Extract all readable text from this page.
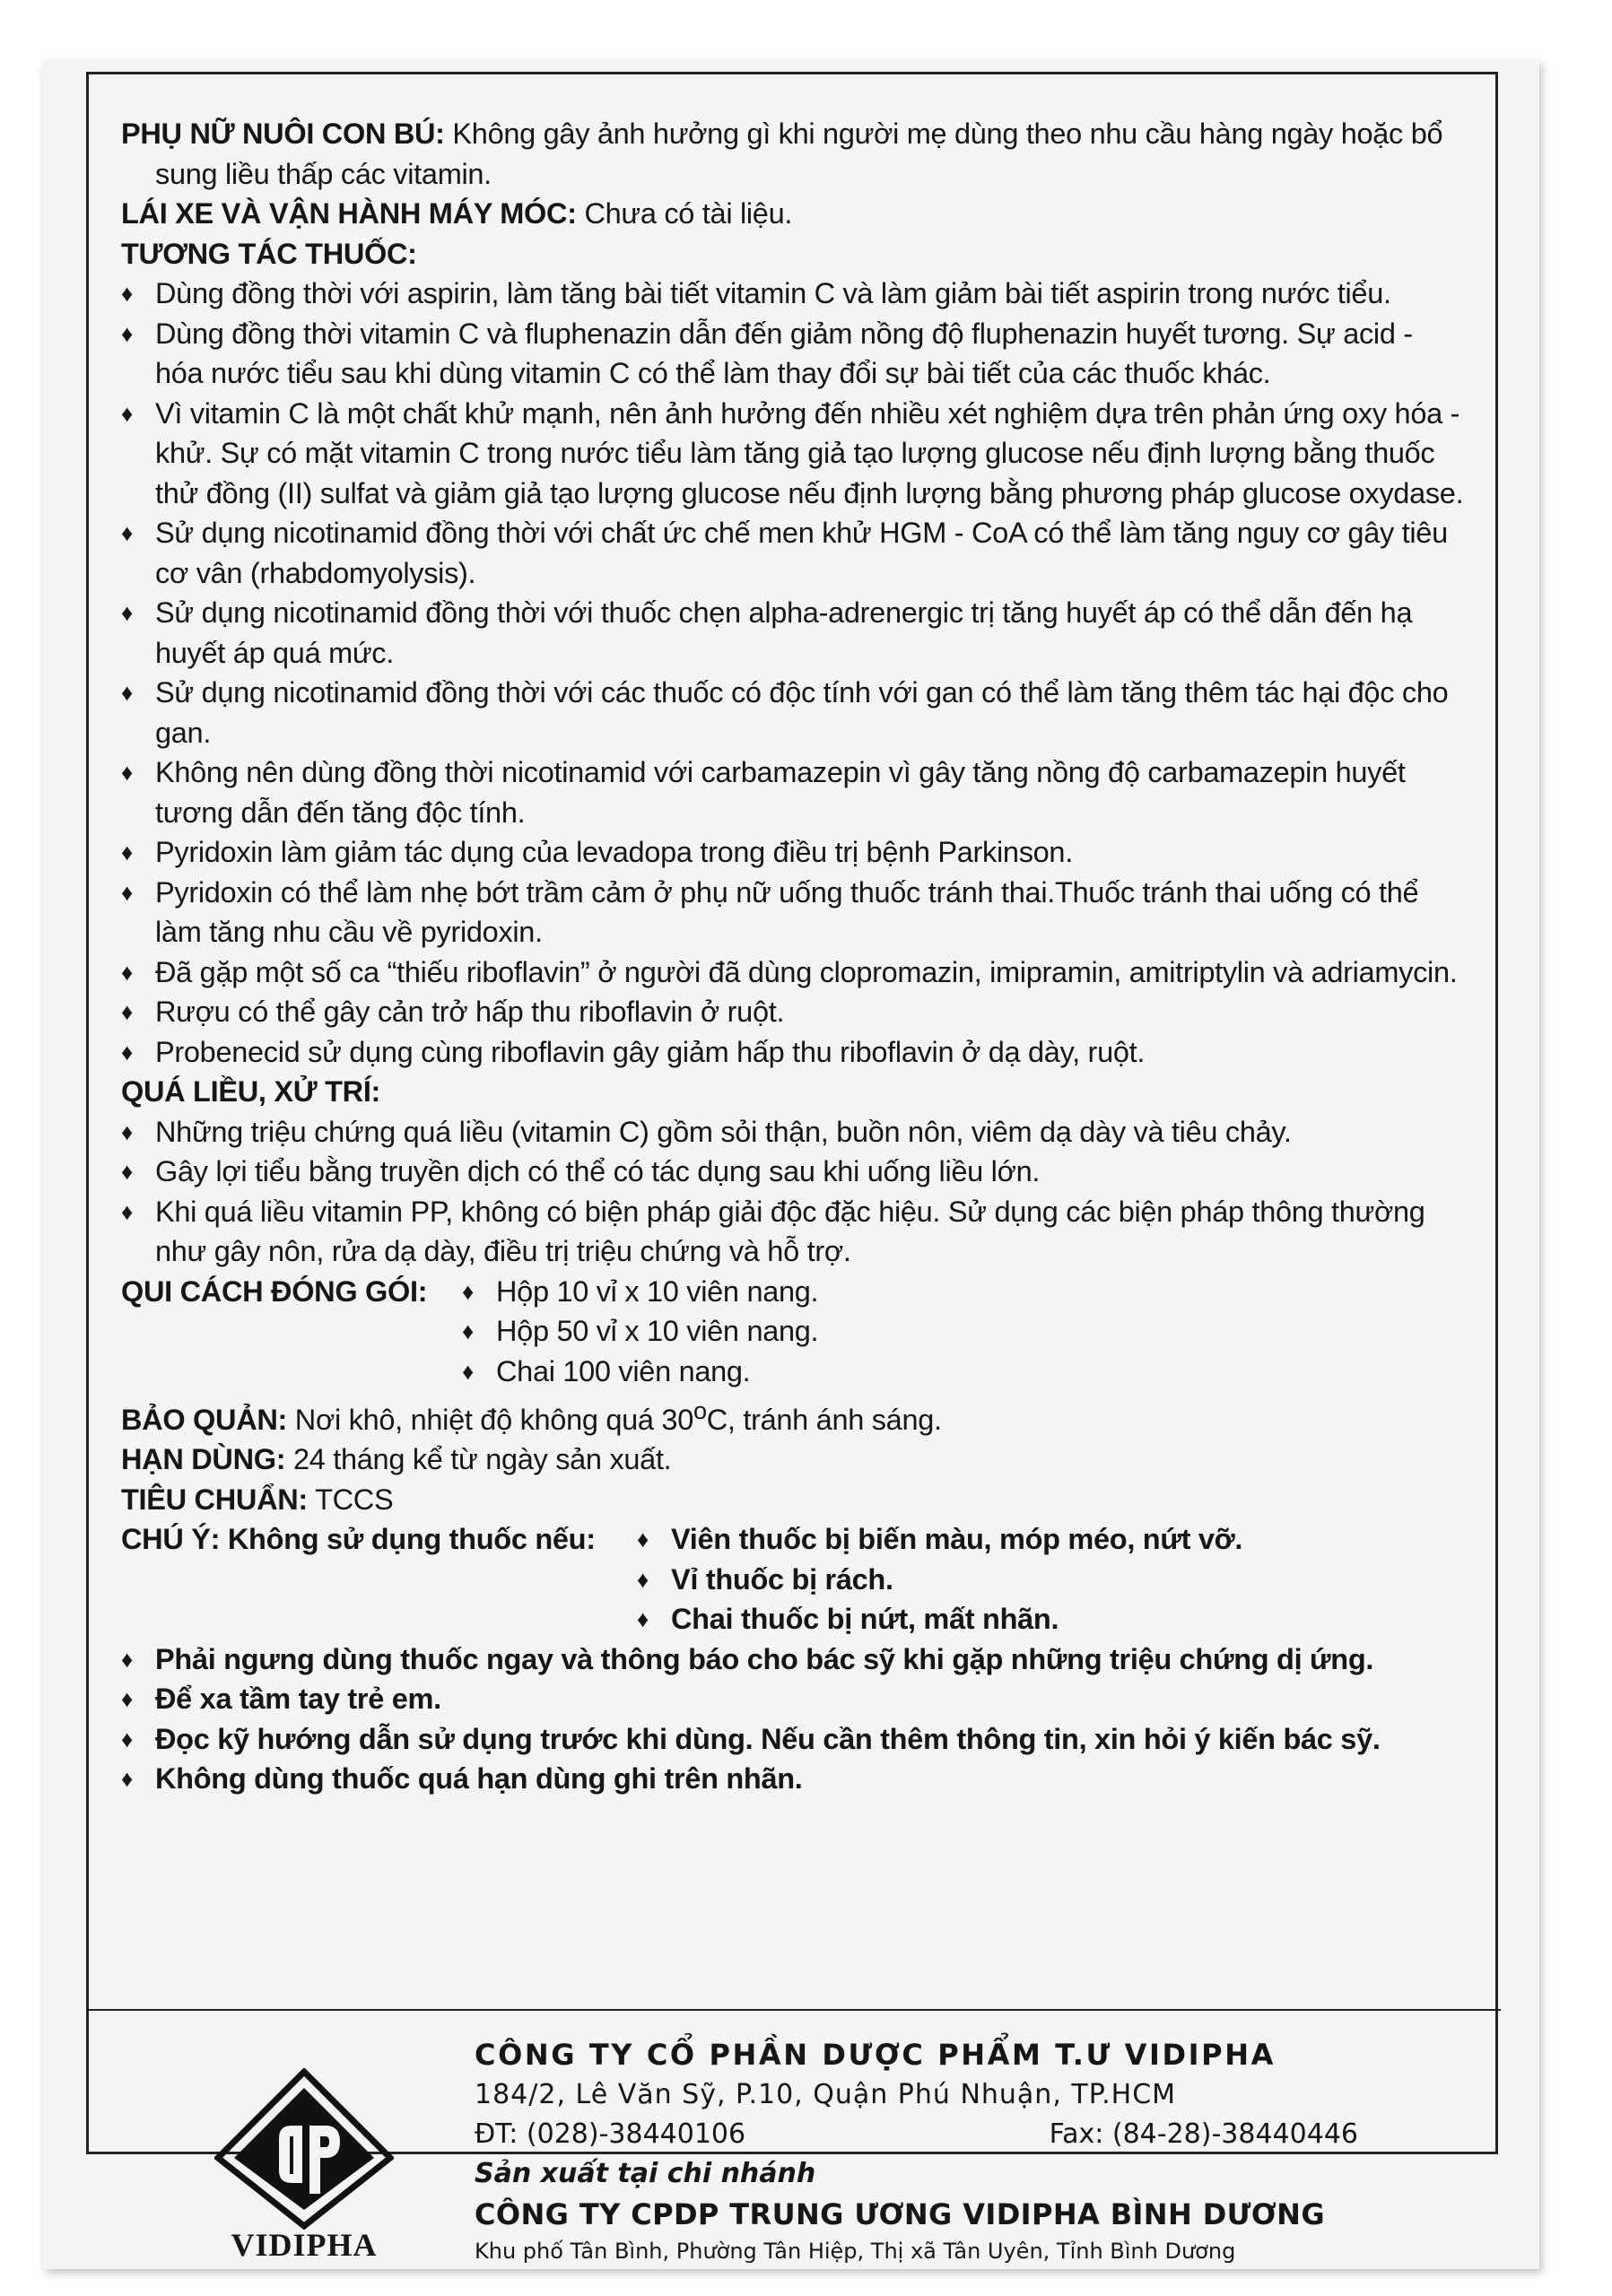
PHỤ NỮ NUÔI CON BÚ: Không gây ảnh hưởng gì khi người mẹ dùng theo nhu cầu hàng ngày hoặc bổ sung liều thấp các vitamin.

LÁI XE VÀ VẬN HÀNH MÁY MÓC: Chưa có tài liệu.

TƯƠNG TÁC THUỐC:

♦ Dùng đồng thời với aspirin, làm tăng bài tiết vitamin C và làm giảm bài tiết aspirin trong nước tiểu.
♦ Dùng đồng thời vitamin C và fluphenazin dẫn đến giảm nồng độ fluphenazin huyết tương. Sự acid - hóa nước tiểu sau khi dùng vitamin C có thể làm thay đổi sự bài tiết của các thuốc khác.
♦ Vì vitamin C là một chất khử mạnh, nên ảnh hưởng đến nhiều xét nghiệm dựa trên phản ứng oxy hóa - khử. Sự có mặt vitamin C trong nước tiểu làm tăng giả tạo lượng glucose nếu định lượng bằng thuốc thử đồng (II) sulfat và giảm giả tạo lượng glucose nếu định lượng bằng phương pháp glucose oxydase.
♦ Sử dụng nicotinamid đồng thời với chất ức chế men khử HGM - CoA có thể làm tăng nguy cơ gây tiêu cơ vân (rhabdomyolysis).
♦ Sử dụng nicotinamid đồng thời với thuốc chẹn alpha-adrenergic trị tăng huyết áp có thể dẫn đến hạ huyết áp quá mức.
♦ Sử dụng nicotinamid đồng thời với các thuốc có độc tính với gan có thể làm tăng thêm tác hại độc cho gan.
♦ Không nên dùng đồng thời nicotinamid với carbamazepin vì gây tăng nồng độ carbamazepin huyết tương dẫn đến tăng độc tính.
♦ Pyridoxin làm giảm tác dụng của levadopa trong điều trị bệnh Parkinson.
♦ Pyridoxin có thể làm nhẹ bớt trầm cảm ở phụ nữ uống thuốc tránh thai.Thuốc tránh thai uống có thể làm tăng nhu cầu về pyridoxin.
♦ Đã gặp một số ca “thiếu riboflavin” ở người đã dùng clopromazin, imipramin, amitriptylin và adriamycin.
♦ Rượu có thể gây cản trở hấp thu riboflavin ở ruột.
♦ Probenecid sử dụng cùng riboflavin gây giảm hấp thu riboflavin ở dạ dày, ruột.

QUÁ LIỀU, XỬ TRÍ:

♦ Những triệu chứng quá liều (vitamin C) gồm sỏi thận, buồn nôn, viêm dạ dày và tiêu chảy.
♦ Gây lợi tiểu bằng truyền dịch có thể có tác dụng sau khi uống liều lớn.
♦ Khi quá liều vitamin PP, không có biện pháp giải độc đặc hiệu. Sử dụng các biện pháp thông thường như gây nôn, rửa dạ dày, điều trị triệu chứng và hỗ trợ.
QUI CÁCH ĐÓNG GÓI:	♦ Hộp 10 vỉ x 10 viên nang.
♦ Hộp 50 vỉ x 10 viên nang.
♦ Chai 100 viên nang.

BẢO QUẢN: Nơi khô, nhiệt độ không quá 30$^o$C, tránh ánh sáng.

HẠN DÙNG: 24 tháng kể từ ngày sản xuất.

TIÊU CHUẨN: TCCS

CHÚ Ý: Không sử dụng thuốc nếu:	♦ Viên thuốc bị biến màu, móp méo, nứt vỡ.
♦ Vỉ thuốc bị rách.
♦ Chai thuốc bị nứt, mất nhãn.
♦ Phải ngưng dùng thuốc ngay và thông báo cho bác sỹ khi gặp những triệu chứng dị ứng.
♦ Để xa tầm tay trẻ em.
♦ Đọc kỹ hướng dẫn sử dụng trước khi dùng. Nếu cần thêm thông tin, xin hỏi ý kiến bác sỹ.
♦ Không dùng thuốc quá hạn dùng ghi trên nhãn.
VIDIPHA
CÔNG TY CỔ PHẦN DƯỢC PHẨM T.Ư VIDIPHA
184/2, Lê Văn Sỹ, P.10, Quận Phú Nhuận, TP.HCM
ĐT: (028)-38440106	Fax: (84-28)-38440446
Sản xuất tại chi nhánh
CÔNG TY CPDP TRUNG ƯƠNG VIDIPHA BÌNH DƯƠNG
Khu phố Tân Bình, Phường Tân Hiệp, Thị xã Tân Uyên, Tỉnh Bình Dương
